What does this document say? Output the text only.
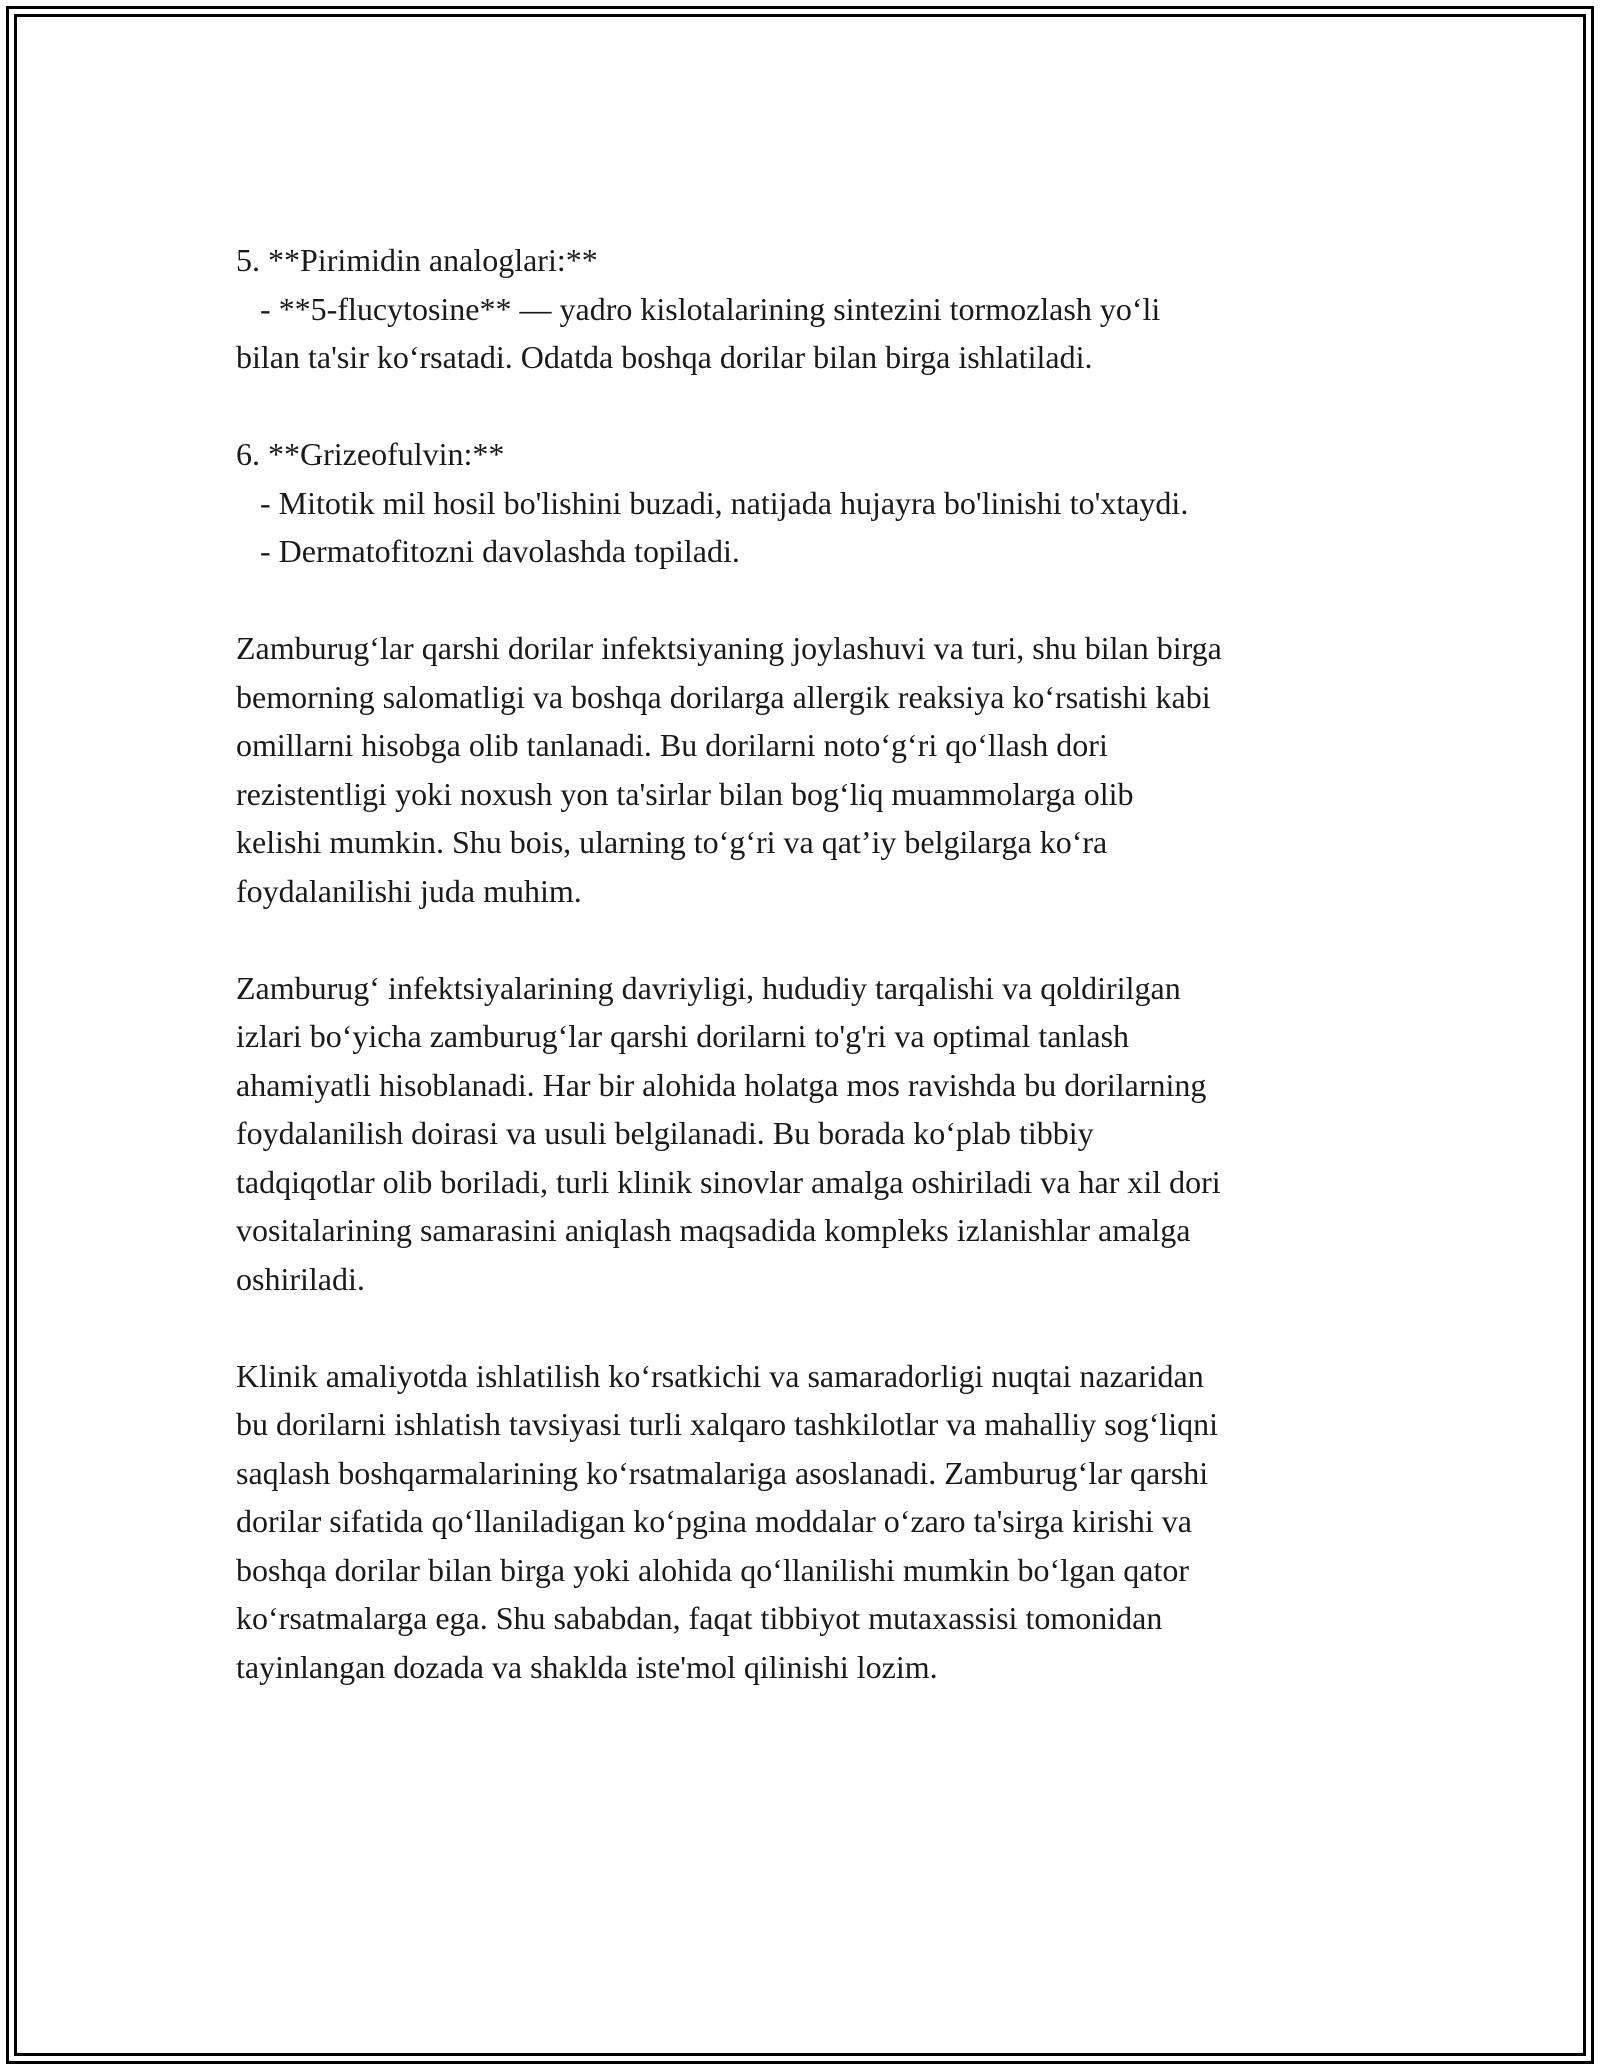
5. **Pirimidin analoglari:**
- **5-flucytosine** — yadro kislotalarining sintezini tormozlash yo‘li
bilan ta'sir ko‘rsatadi. Odatda boshqa dorilar bilan birga ishlatiladi.
6. **Grizeofulvin:**
- Mitotik mil hosil bo'lishini buzadi, natijada hujayra bo'linishi to'xtaydi.
- Dermatofitozni davolashda topiladi.

Zamburug‘lar qarshi dorilar infektsiyaning joylashuvi va turi, shu bilan birga
bemorning salomatligi va boshqa dorilarga allergik reaksiya ko‘rsatishi kabi
omillarni hisobga olib tanlanadi. Bu dorilarni noto‘g‘ri qo‘llash dori
rezistentligi yoki noxush yon ta'sirlar bilan bog‘liq muammolarga olib
kelishi mumkin. Shu bois, ularning to‘g‘ri va qat’iy belgilarga ko‘ra
foydalanilishi juda muhim.

Zamburug‘ infektsiyalarining davriyligi, hududiy tarqalishi va qoldirilgan
izlari bo‘yicha zamburug‘lar qarshi dorilarni to'g'ri va optimal tanlash
ahamiyatli hisoblanadi. Har bir alohida holatga mos ravishda bu dorilarning
foydalanilish doirasi va usuli belgilanadi. Bu borada ko‘plab tibbiy
tadqiqotlar olib boriladi, turli klinik sinovlar amalga oshiriladi va har xil dori
vositalarining samarasini aniqlash maqsadida kompleks izlanishlar amalga
oshiriladi.

Klinik amaliyotda ishlatilish ko‘rsatkichi va samaradorligi nuqtai nazaridan
bu dorilarni ishlatish tavsiyasi turli xalqaro tashkilotlar va mahalliy sog‘liqni
saqlash boshqarmalarining ko‘rsatmalariga asoslanadi. Zamburug‘lar qarshi
dorilar sifatida qo‘llaniladigan ko‘pgina moddalar o‘zaro ta'sirga kirishi va
boshqa dorilar bilan birga yoki alohida qo‘llanilishi mumkin bo‘lgan qator
ko‘rsatmalarga ega. Shu sababdan, faqat tibbiyot mutaxassisi tomonidan
tayinlangan dozada va shaklda iste'mol qilinishi lozim.
